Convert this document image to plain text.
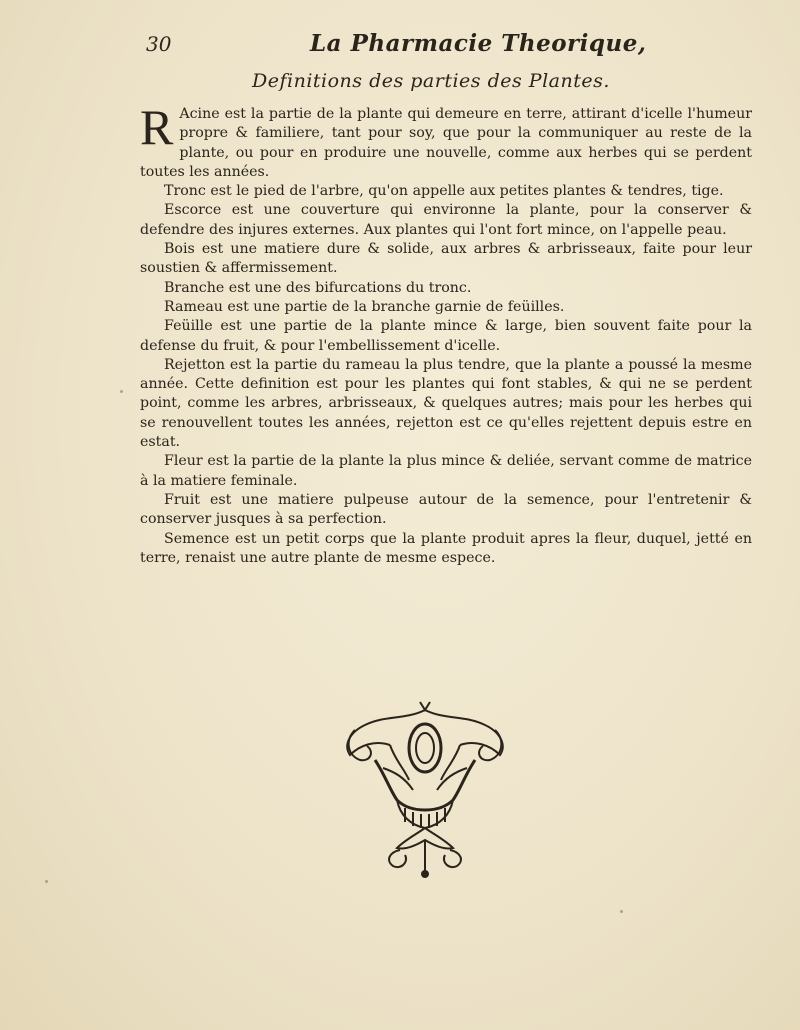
30	La Pharmacie Theorique,
Definitions des parties des Plantes.

R Acine est la partie de la plante qui demeure en terre, attirant d'icelle l'humeur propre & familiere, tant pour soy, que pour la communiquer au reste de la plante, ou pour en produire une nouvelle, comme aux herbes qui se perdent toutes les années.

Tronc est le pied de l'arbre, qu'on appelle aux petites plantes & tendres, tige.

Escorce est une couverture qui environne la plante, pour la conserver & defendre des injures externes. Aux plantes qui l'ont fort mince, on l'appelle peau.

Bois est une matiere dure & solide, aux arbres & arbrisseaux, faite pour leur soustien & affermissement.

Branche est une des bifurcations du tronc.

Rameau est une partie de la branche garnie de feüilles.

Feüille est une partie de la plante mince & large, bien souvent faite pour la defense du fruit, & pour l'embellissement d'icelle.

Rejetton est la partie du rameau la plus tendre, que la plante a poussé la mesme année. Cette definition est pour les plantes qui font stables, & qui ne se perdent point, comme les arbres, arbrisseaux, & quelques autres; mais pour les herbes qui se renouvellent toutes les années, rejetton est ce qu'elles rejettent depuis estre en estat.

Fleur est la partie de la plante la plus mince & deliée, servant comme de matrice à la matiere feminale.

Fruit est une matiere pulpeuse autour de la semence, pour l'entretenir & conserver jusques à sa perfection.

Semence est un petit corps que la plante produit apres la fleur, duquel, jetté en terre, renaist une autre plante de mesme espece.
